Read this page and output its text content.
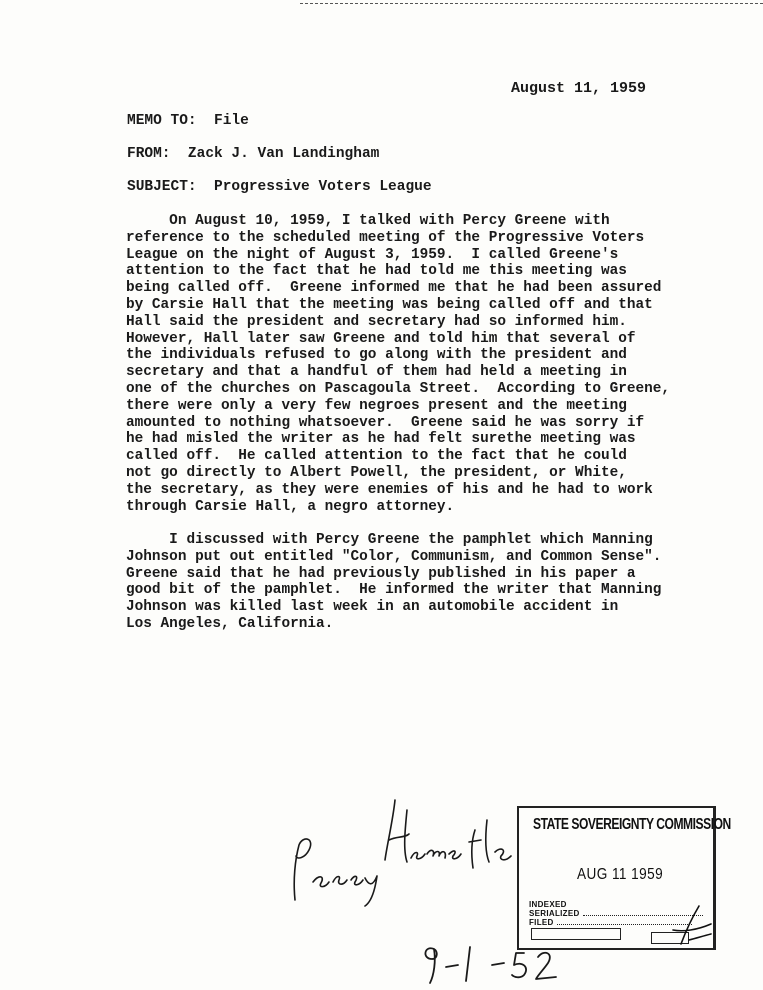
August 11, 1959
MEMO TO: File
FROM: Zack J. Van Landingham
SUBJECT: Progressive Voters League

On August 10, 1959, I talked with Percy Greene with

reference to the scheduled meeting of the Progressive Voters

League on the night of August 3, 1959.  I called Greene's

attention to the fact that he had told me this meeting was

being called off.  Greene informed me that he had been assured

by Carsie Hall that the meeting was being called off and that

Hall said the president and secretary had so informed him.

However, Hall later saw Greene and told him that several of

the individuals refused to go along with the president and

secretary and that a handful of them had held a meeting in

one of the churches on Pascagoula Street.  According to Greene,

there were only a very few negroes present and the meeting

amounted to nothing whatsoever.  Greene said he was sorry if

he had misled the writer as he had felt surethe meeting was

called off.  He called attention to the fact that he could

not go directly to Albert Powell, the president, or White,

the secretary, as they were enemies of his and he had to work

through Carsie Hall, a negro attorney.

I discussed with Percy Greene the pamphlet which Manning

Johnson put out entitled "Color, Communism, and Common Sense".

Greene said that he had previously published in his paper a

good bit of the pamphlet.  He informed the writer that Manning

Johnson was killed last week in an automobile accident in

Los Angeles, California.

STATE SOVEREIGNTY COMMISSION
AUG 11 1959
INDEXED
SERIALIZED
FILED
